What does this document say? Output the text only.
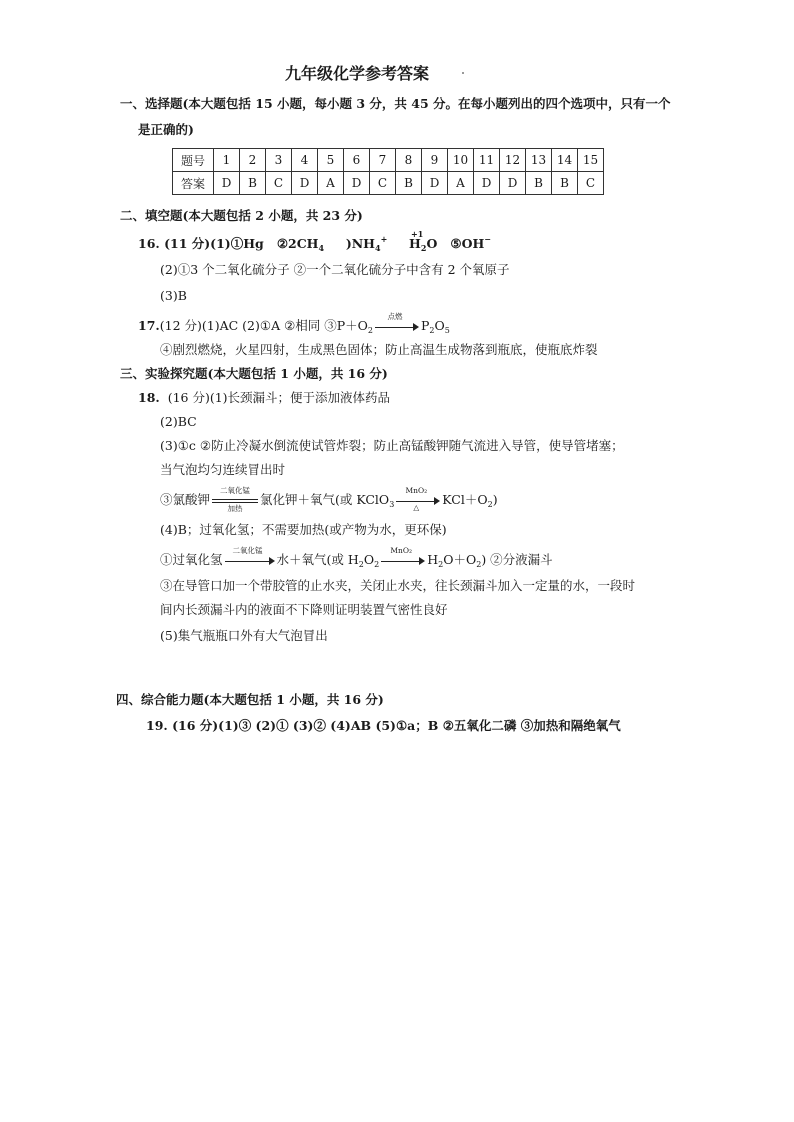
九年级化学参考答案
一、选择题(本大题包括 15 小题，每小题 3 分，共 45 分。在每小题列出的四个选项中，只有一个
是正确的)
题号	1	2	3	4	5	6	7	8	9	10	11	12	13	14	15
答案	D	B	C	D	A	D	C	B	D	A	D	D	B	B	C
二、填空题(本大题包括 2 小题，共 23 分)
16. (11 分)(1)①Hg $②2CH_4$ )$NH_4^+$	+1
$H_2O$ ⑤OH−
(2)①3 个二氧化硫分子 ②一个二氧化硫分子中含有 2 个氧原子
(3)B
17.(12 分)(1)AC (2)①A ②相同 $③P+O_2$
点燃
$P_2O_5$
④剧烈燃烧，火星四射，生成黑色固体；防止高温生成物落到瓶底，使瓶底炸裂
三、实验探究题(本大题包括 1 小题，共 16 分)
18. (16 分)(1)长颈漏斗；便于添加液体药品
(2)BC
(3)①c ②防止冷凝水倒流使试管炸裂；防止高锰酸钾随气流进入导管，使导管堵塞；
当气泡均匀连续冒出时
③氯酸钾
二氧化锰
加热
氯化钾＋氧气(或 KClO$_3$
MnO₂
△	$KCl+O_2$)
(4)B；过氧化氢；不需要加热(或产物为水，更环保)
①过氧化氢
二氧化锰
水＋氧气(或 $H_2O_2$
MnO₂
$H_2O+O_2$) ②分液漏斗
③在导管口加一个带胶管的止水夹，关闭止水夹，往长颈漏斗加入一定量的水，一段时
间内长颈漏斗内的液面不下降则证明装置气密性良好
(5)集气瓶瓶口外有大气泡冒出
四、综合能力题(本大题包括 1 小题，共 16 分)
19. (16 分)(1)③ (2)① (3)② (4)AB (5)①a；B ②五氧化二磷 ③加热和隔绝氧气
